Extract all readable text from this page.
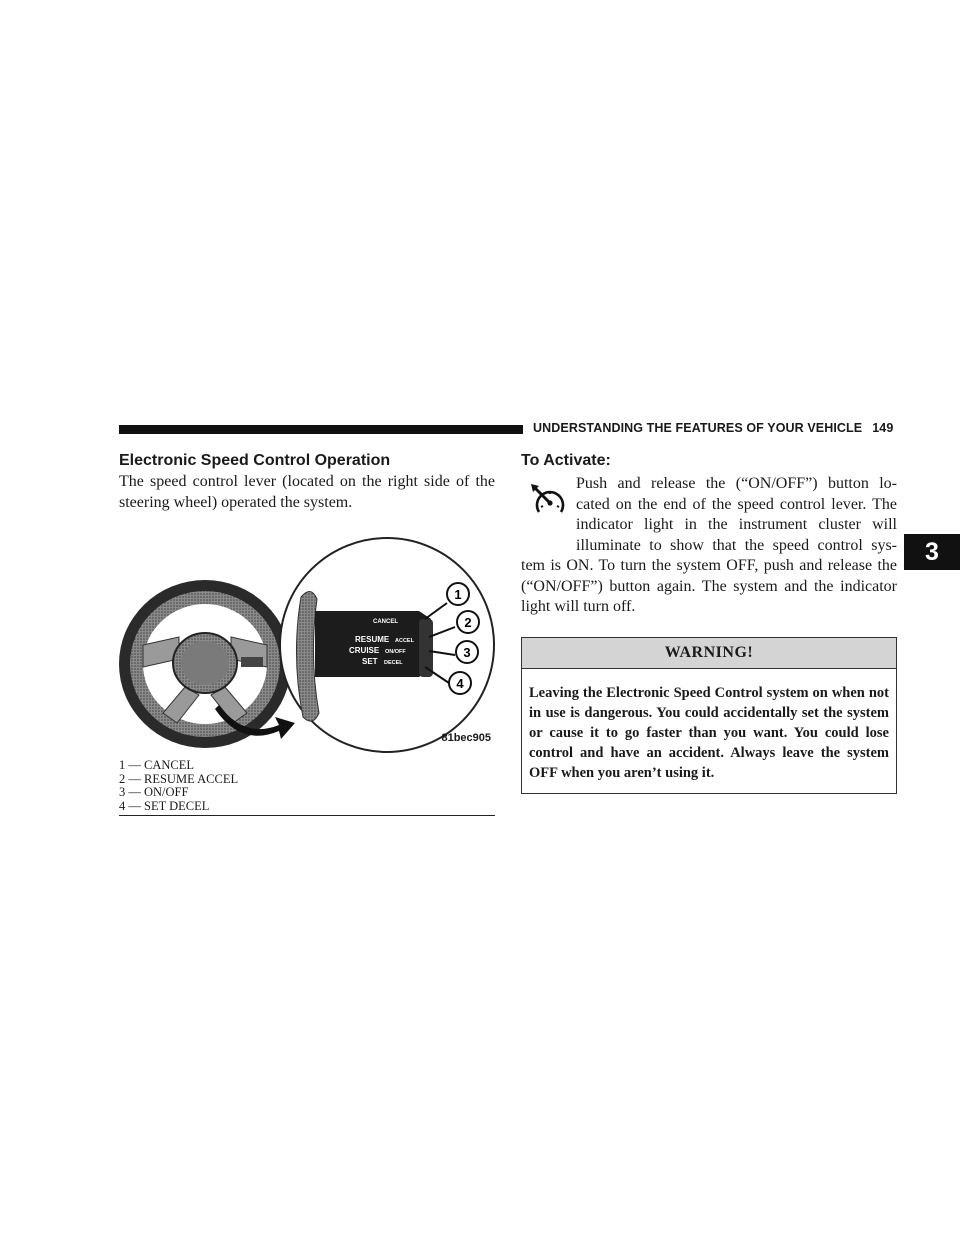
UNDERSTANDING THE FEATURES OF YOUR VEHICLE 149
3
Electronic Speed Control Operation

The speed control lever (located on the right side of the steering wheel) operated the system.

CANCEL
RESUME ACCEL
CRUISE ON/OFF
SET DECEL
1
2
3
4
81bec905
1 — CANCEL
2 — RESUME ACCEL
3 — ON/OFF
4 — SET DECEL
To Activate:

Push and release the (“ON/OFF”) button lo-

cated on the end of the speed control lever. The

indicator light in the instrument cluster will

illuminate to show that the speed control sys-

tem is ON. To turn the system OFF, push and release the (“ON/OFF”) button again. The system and the indicator light will turn off.

WARNING!
Leaving the Electronic Speed Control system on when not in use is dangerous. You could accidentally set the system or cause it to go faster than you want. You could lose control and have an accident. Always leave the system OFF when you aren’t using it.
